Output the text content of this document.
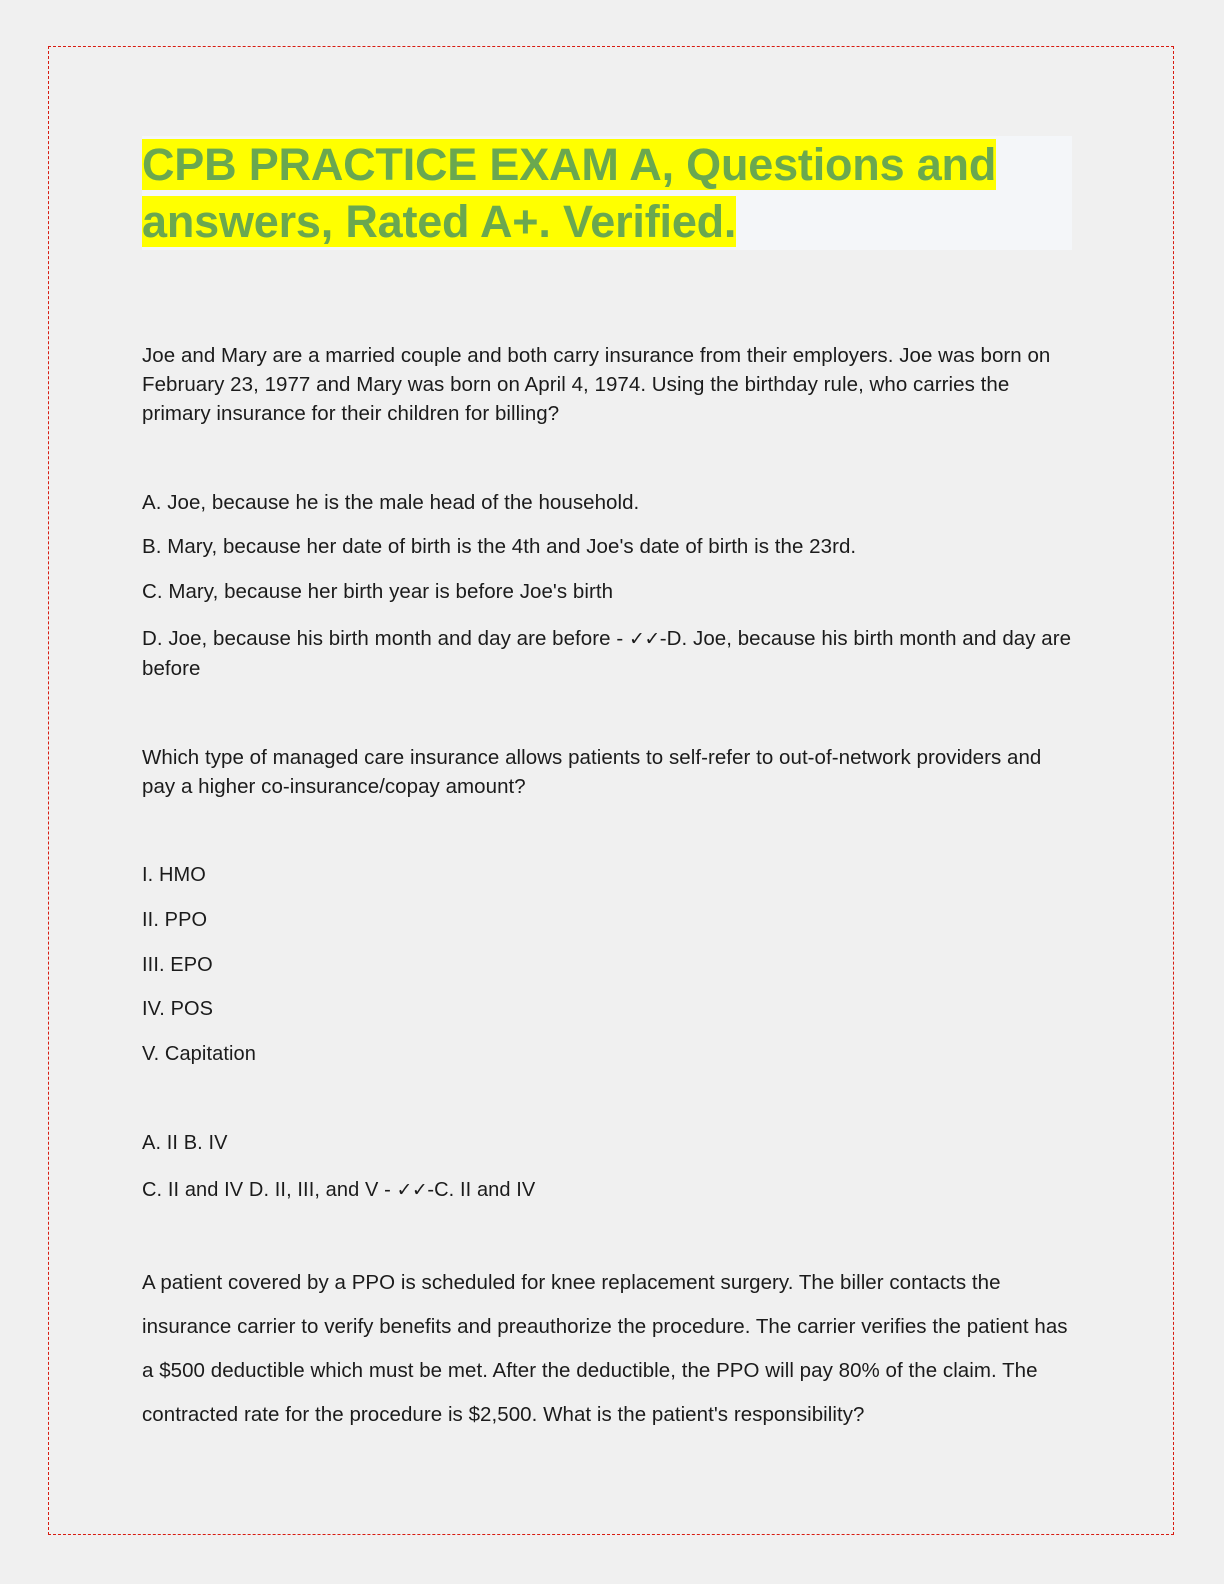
CPB PRACTICE EXAM A, Questions and
answers, Rated A+. Verified.
Joe and Mary are a married couple and both carry insurance from their employers. Joe was born on February 23, 1977 and Mary was born on April 4, 1974. Using the birthday rule, who carries the primary insurance for their children for billing?
A. Joe, because he is the male head of the household.
B. Mary, because her date of birth is the 4th and Joe's date of birth is the 23rd.
C. Mary, because her birth year is before Joe's birth
D. Joe, because his birth month and day are before - ✓✓-D. Joe, because his birth month and day are before
Which type of managed care insurance allows patients to self-refer to out-of-network providers and pay a higher co-insurance/copay amount?
I. HMO
II. PPO
III. EPO
IV. POS
V. Capitation
A. II B. IV
C. II and IV D. II, III, and V - ✓✓-C. II and IV
A patient covered by a PPO is scheduled for knee replacement surgery. The biller contacts the insurance carrier to verify benefits and preauthorize the procedure. The carrier verifies the patient has a $500 deductible which must be met. After the deductible, the PPO will pay 80% of the claim. The contracted rate for the procedure is $2,500. What is the patient's responsibility?
